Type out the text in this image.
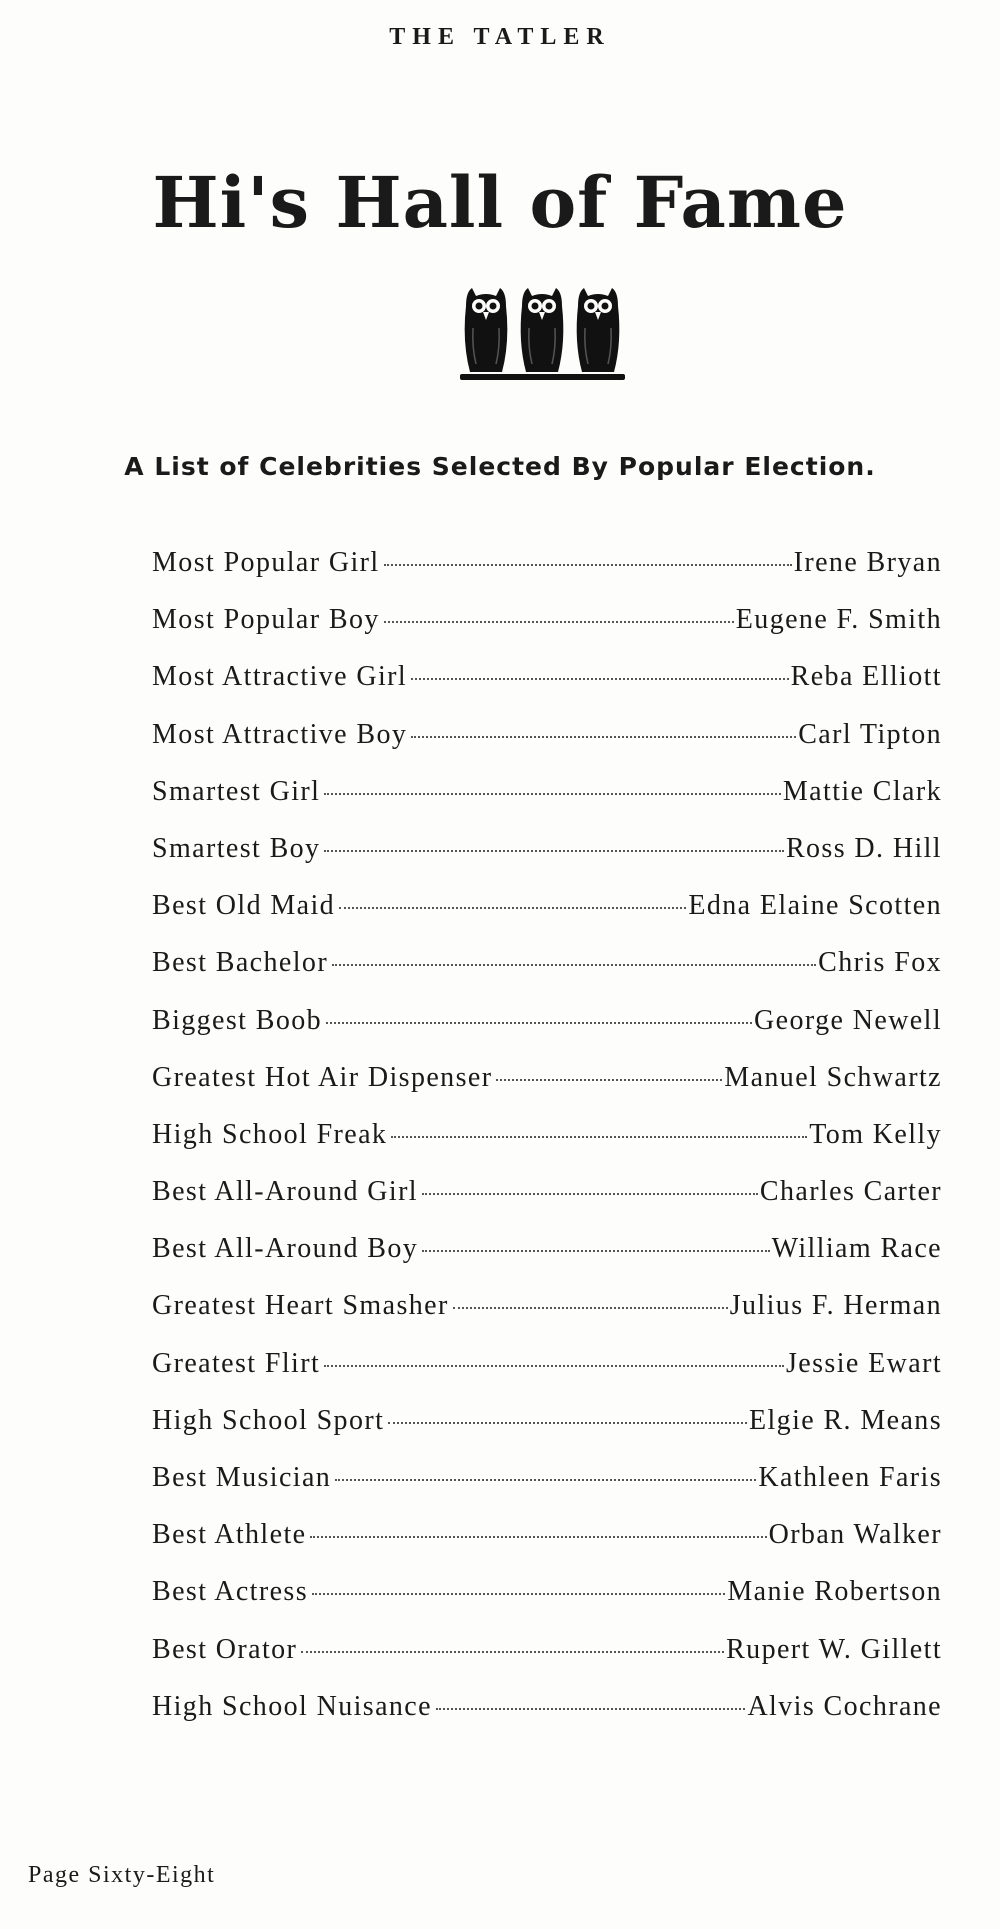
THE TATLER
Hi's Hall of Fame
A List of Celebrities Selected By Popular Election.
Most Popular Girl	Irene Bryan
Most Popular Boy	Eugene F. Smith
Most Attractive Girl	Reba Elliott
Most Attractive Boy	Carl Tipton
Smartest Girl	Mattie Clark
Smartest Boy	Ross D. Hill
Best Old Maid	Edna Elaine Scotten
Best Bachelor	Chris Fox
Biggest Boob	George Newell
Greatest Hot Air Dispenser	Manuel Schwartz
High School Freak	Tom Kelly
Best All-Around Girl	Charles Carter
Best All-Around Boy	William Race
Greatest Heart Smasher	Julius F. Herman
Greatest Flirt	Jessie Ewart
High School Sport	Elgie R. Means
Best Musician	Kathleen Faris
Best Athlete	Orban Walker
Best Actress	Manie Robertson
Best Orator	Rupert W. Gillett
High School Nuisance	Alvis Cochrane
Page Sixty-Eight
